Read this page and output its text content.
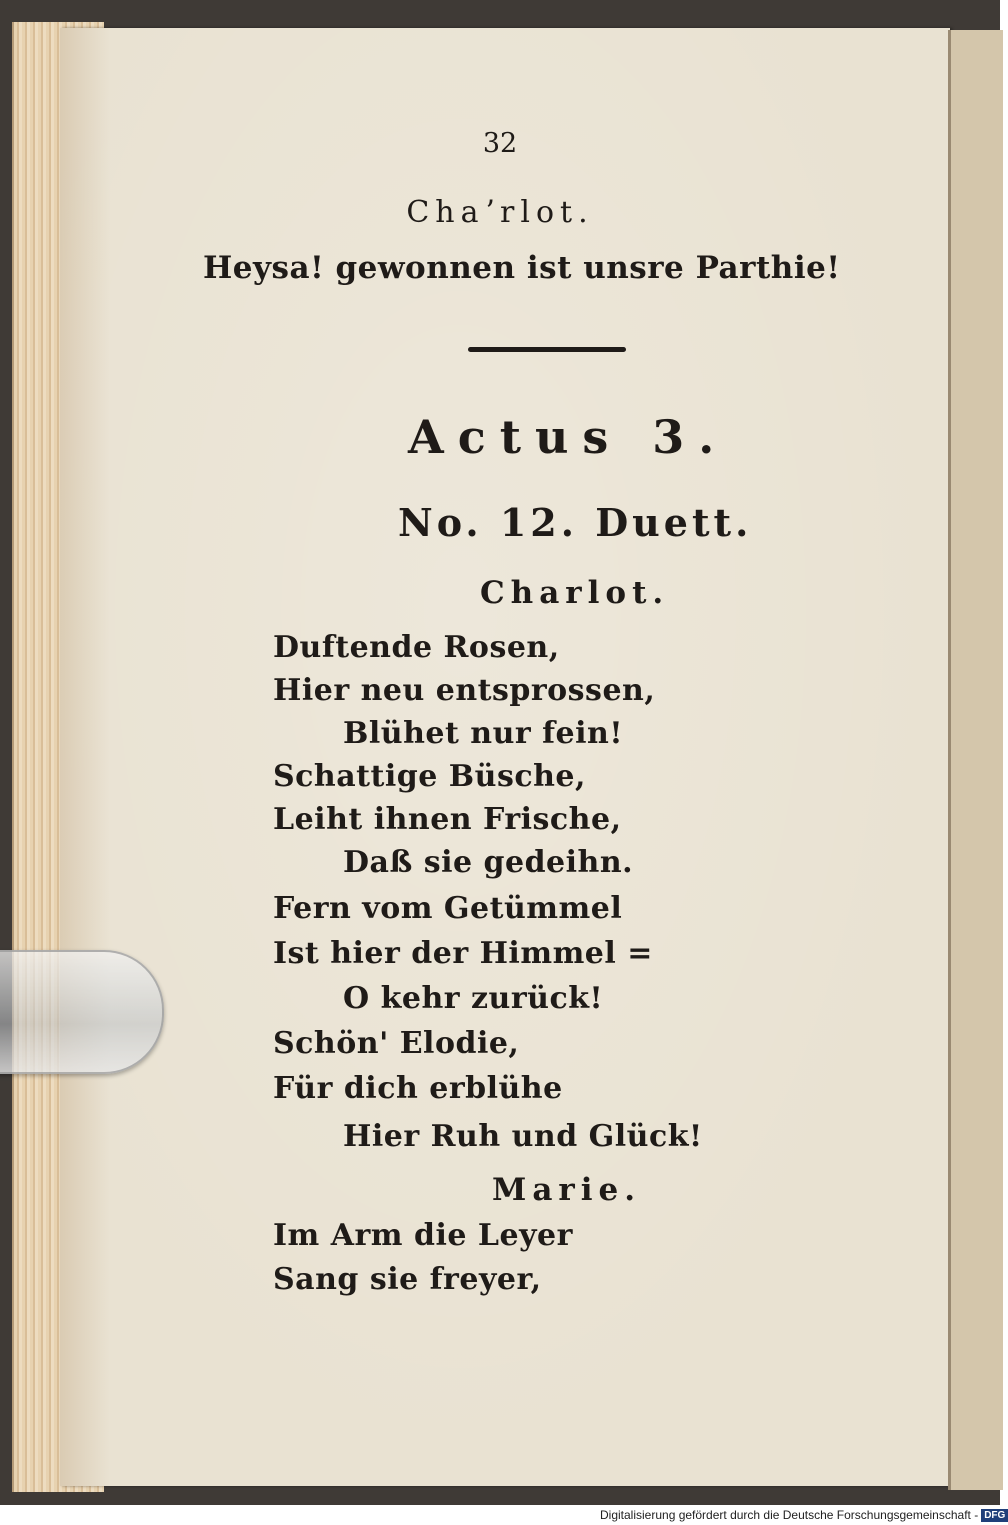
32
Chaʼrlot.
Heysa! gewonnen ist unsre Parthie!
Actus 3.
No. 12. Duett.
Charlot.
Duftende Rosen,
Hier neu entsprossen,
Blühet nur fein!
Schattige Büsche,
Leiht ihnen Frische,
Daß sie gedeihn.
Fern vom Getümmel
Ist hier der Himmel =
O kehr zurück!
Schön' Elodie,
Für dich erblühe
Hier Ruh und Glück!
Marie.
Im Arm die Leyer
Sang sie freyer,
Digitalisierung gefördert durch die Deutsche Forschungsgemeinschaft - DFG
